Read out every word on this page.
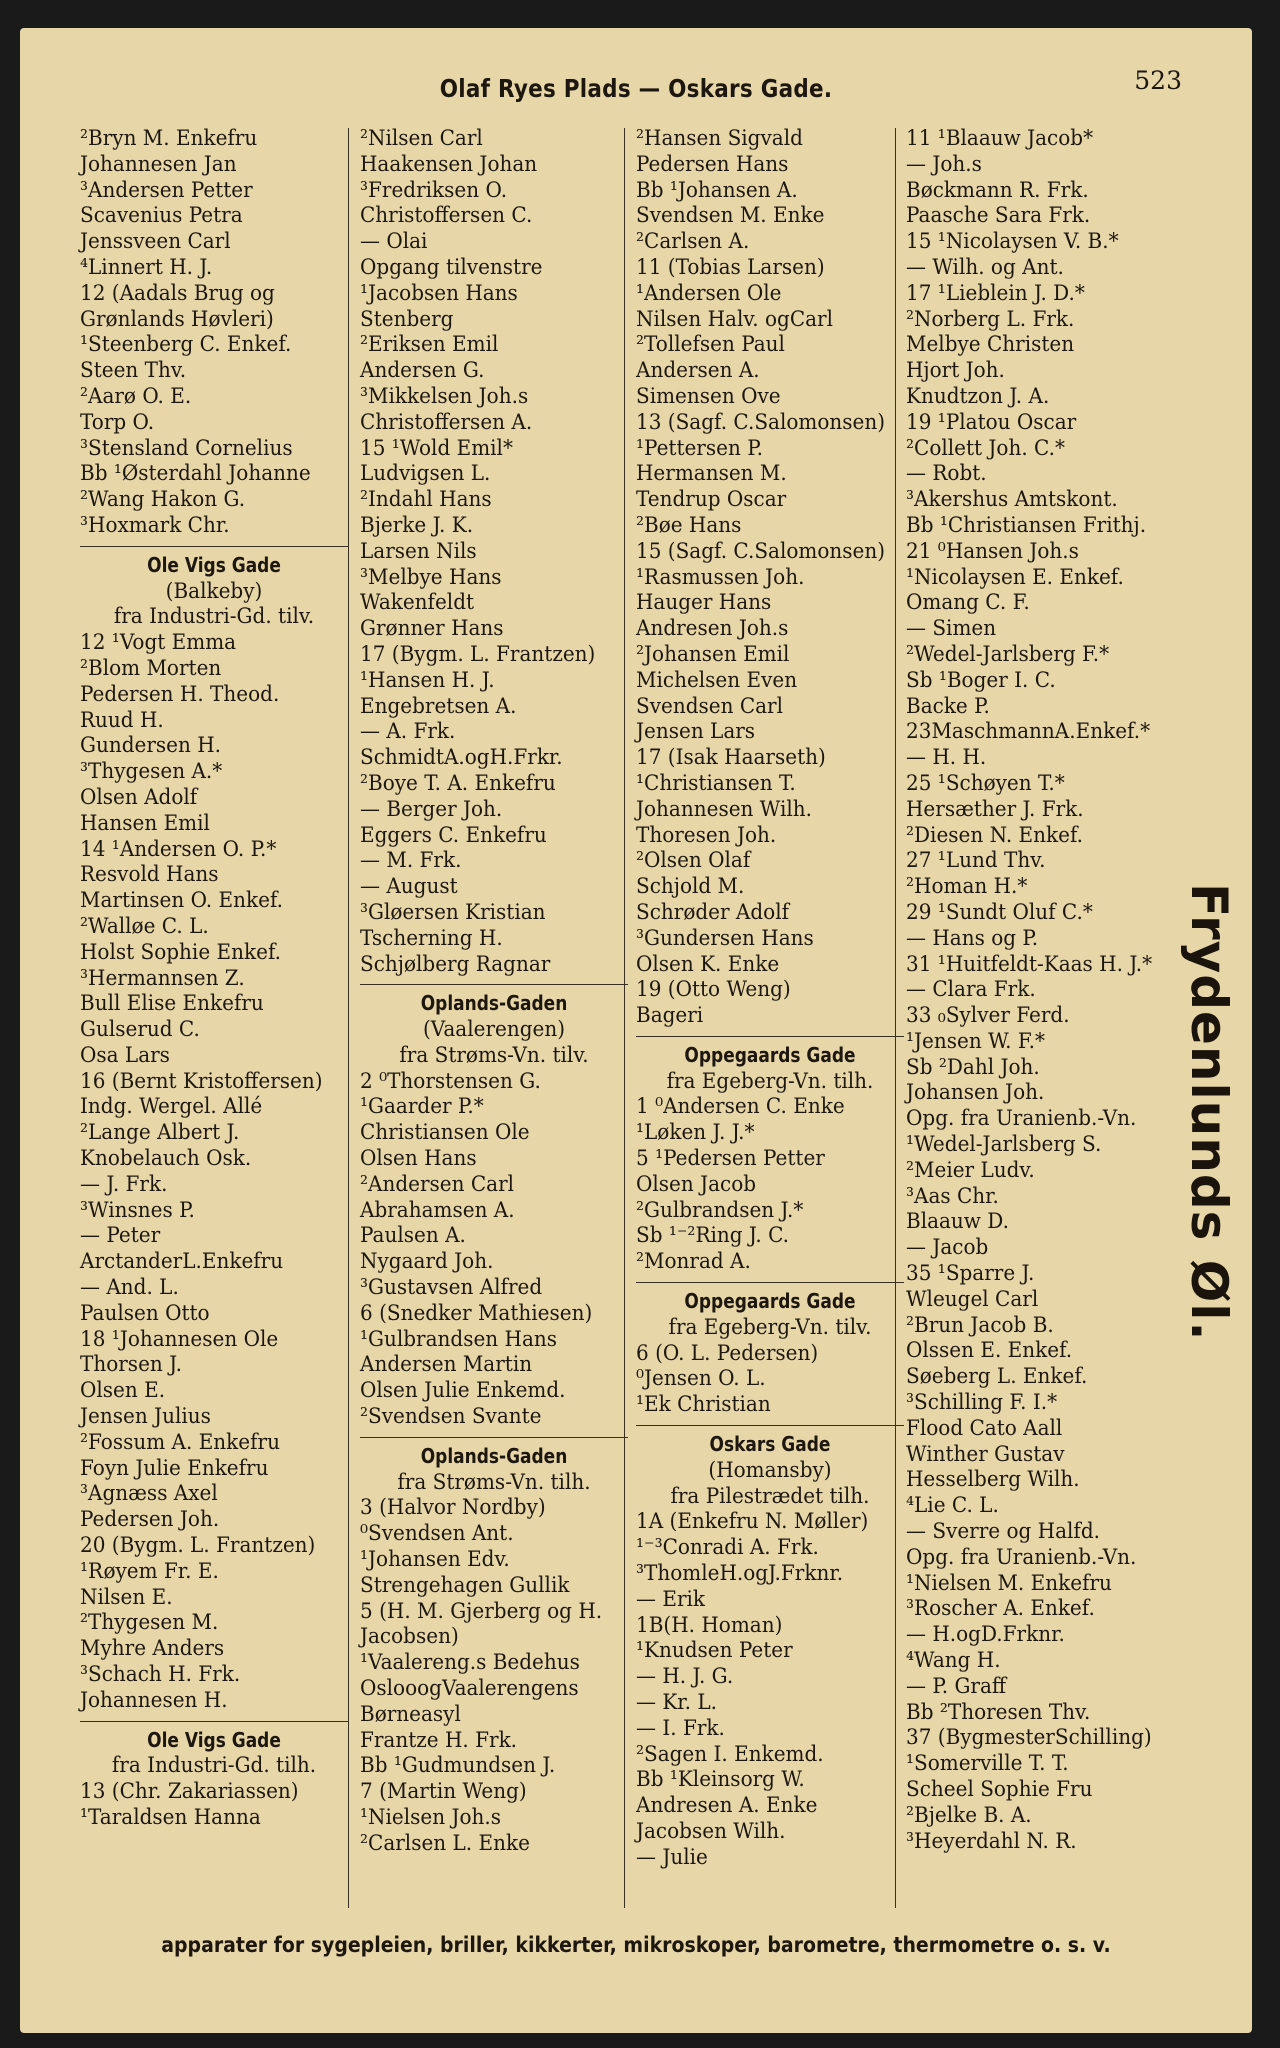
Olaf Ryes Plads — Oskars Gade.	523
²Bryn M. Enkefru
Johannesen Jan
³Andersen Petter
Scavenius Petra
Jenssveen Carl
⁴Linnert H. J.
12 (Aadals Brug og
Grønlands Høvleri)
¹Steenberg C. Enkef.
Steen Thv.
²Aarø O. E.
Torp O.
³Stensland Cornelius
Bb ¹Østerdahl Johanne
²Wang Hakon G.
³Hoxmark Chr.
Ole Vigs Gade
(Balkeby)
fra Industri-Gd. tilv.
12 ¹Vogt Emma
²Blom Morten
Pedersen H. Theod.
Ruud H.
Gundersen H.
³Thygesen A.*
Olsen Adolf
Hansen Emil
14 ¹Andersen O. P.*
Resvold Hans
Martinsen O. Enkef.
²Walløe C. L.
Holst Sophie Enkef.
³Hermannsen Z.
Bull Elise Enkefru
Gulserud C.
Osa Lars
16 (Bernt Kristoffersen)
Indg. Wergel. Allé
²Lange Albert J.
Knobelauch Osk.
— J. Frk.
³Winsnes P.
— Peter
ArctanderL.Enkefru
— And. L.
Paulsen Otto
18 ¹Johannesen Ole
Thorsen J.
Olsen E.
Jensen Julius
²Fossum A. Enkefru
Foyn Julie Enkefru
³Agnæss Axel
Pedersen Joh.
20 (Bygm. L. Frantzen)
¹Røyem Fr. E.
Nilsen E.
²Thygesen M.
Myhre Anders
³Schach H. Frk.
Johannesen H.
Ole Vigs Gade
fra Industri-Gd. tilh.
13 (Chr. Zakariassen)
¹Taraldsen Hanna
²Nilsen Carl
Haakensen Johan
³Fredriksen O.
Christoffersen C.
— Olai
Opgang tilvenstre
¹Jacobsen Hans
Stenberg
²Eriksen Emil
Andersen G.
³Mikkelsen Joh.s
Christoffersen A.
15 ¹Wold Emil*
Ludvigsen L.
²Indahl Hans
Bjerke J. K.
Larsen Nils
³Melbye Hans
Wakenfeldt
Grønner Hans
17 (Bygm. L. Frantzen)
¹Hansen H. J.
Engebretsen A.
— A. Frk.
SchmidtA.ogH.Frkr.
²Boye T. A. Enkefru
— Berger Joh.
Eggers C. Enkefru
— M. Frk.
— August
³Gløersen Kristian
Tscherning H.
Schjølberg Ragnar
Oplands-Gaden
(Vaalerengen)
fra Strøms-Vn. tilv.
2 ⁰Thorstensen G.
¹Gaarder P.*
Christiansen Ole
Olsen Hans
²Andersen Carl
Abrahamsen A.
Paulsen A.
Nygaard Joh.
³Gustavsen Alfred
6 (Snedker Mathiesen)
¹Gulbrandsen Hans
Andersen Martin
Olsen Julie Enkemd.
²Svendsen Svante
Oplands-Gaden
fra Strøms-Vn. tilh.
3 (Halvor Nordby)
⁰Svendsen Ant.
¹Johansen Edv.
Strengehagen Gullik
5 (H. M. Gjerberg og H.
Jacobsen)
¹Vaalereng.s Bedehus
OslooogVaalerengens
Børneasyl
Frantze H. Frk.
Bb ¹Gudmundsen J.
7 (Martin Weng)
¹Nielsen Joh.s
²Carlsen L. Enke
²Hansen Sigvald
Pedersen Hans
Bb ¹Johansen A.
Svendsen M. Enke
²Carlsen A.
11 (Tobias Larsen)
¹Andersen Ole
Nilsen Halv. ogCarl
²Tollefsen Paul
Andersen A.
Simensen Ove
13 (Sagf. C.Salomonsen)
¹Pettersen P.
Hermansen M.
Tendrup Oscar
²Bøe Hans
15 (Sagf. C.Salomonsen)
¹Rasmussen Joh.
Hauger Hans
Andresen Joh.s
²Johansen Emil
Michelsen Even
Svendsen Carl
Jensen Lars
17 (Isak Haarseth)
¹Christiansen T.
Johannesen Wilh.
Thoresen Joh.
²Olsen Olaf
Schjold M.
Schrøder Adolf
³Gundersen Hans
Olsen K. Enke
19 (Otto Weng)
Bageri
Oppegaards Gade
fra Egeberg-Vn. tilh.
1 ⁰Andersen C. Enke
¹Løken J. J.*
5 ¹Pedersen Petter
Olsen Jacob
²Gulbrandsen J.*
Sb ¹⁻²Ring J. C.
²Monrad A.
Oppegaards Gade
fra Egeberg-Vn. tilv.
6 (O. L. Pedersen)
⁰Jensen O. L.
¹Ek Christian
Oskars Gade
(Homansby)
fra Pilestrædet tilh.
1A (Enkefru N. Møller)
¹⁻³Conradi A. Frk.
³ThomleH.ogJ.Frknr.
— Erik
1B(H. Homan)
¹Knudsen Peter
— H. J. G.
— Kr. L.
— I. Frk.
²Sagen I. Enkemd.
Bb ¹Kleinsorg W.
Andresen A. Enke
Jacobsen Wilh.
— Julie
11 ¹Blaauw Jacob*
— Joh.s
Bøckmann R. Frk.
Paasche Sara Frk.
15 ¹Nicolaysen V. B.*
— Wilh. og Ant.
17 ¹Lieblein J. D.*
²Norberg L. Frk.
Melbye Christen
Hjort Joh.
Knudtzon J. A.
19 ¹Platou Oscar
²Collett Joh. C.*
— Robt.
³Akershus Amtskont.
Bb ¹Christiansen Frithj.
21 ⁰Hansen Joh.s
¹Nicolaysen E. Enkef.
Omang C. F.
— Simen
²Wedel-Jarlsberg F.*
Sb ¹Boger I. C.
Backe P.
23MaschmannA.Enkef.*
— H. H.
25 ¹Schøyen T.*
Hersæther J. Frk.
²Diesen N. Enkef.
27 ¹Lund Thv.
²Homan H.*
29 ¹Sundt Oluf C.*
— Hans og P.
31 ¹Huitfeldt-Kaas H. J.*
— Clara Frk.
33 ₀Sylver Ferd.
¹Jensen W. F.*
Sb ²Dahl Joh.
Johansen Joh.
Opg. fra Uranienb.-Vn.
¹Wedel-Jarlsberg S.
²Meier Ludv.
³Aas Chr.
Blaauw D.
— Jacob
35 ¹Sparre J.
Wleugel Carl
²Brun Jacob B.
Olssen E. Enkef.
Søeberg L. Enkef.
³Schilling F. I.*
Flood Cato Aall
Winther Gustav
Hesselberg Wilh.
⁴Lie C. L.
— Sverre og Halfd.
Opg. fra Uranienb.-Vn.
¹Nielsen M. Enkefru
³Roscher A. Enkef.
— H.ogD.Frknr.
⁴Wang H.
— P. Graff
Bb ²Thoresen Thv.
37 (BygmesterSchilling)
¹Somerville T. T.
Scheel Sophie Fru
²Bjelke B. A.
³Heyerdahl N. R.
Frydenlunds Øl.
apparater for sygepleien, briller, kikkerter, mikroskoper, barometre, thermometre o. s. v.
